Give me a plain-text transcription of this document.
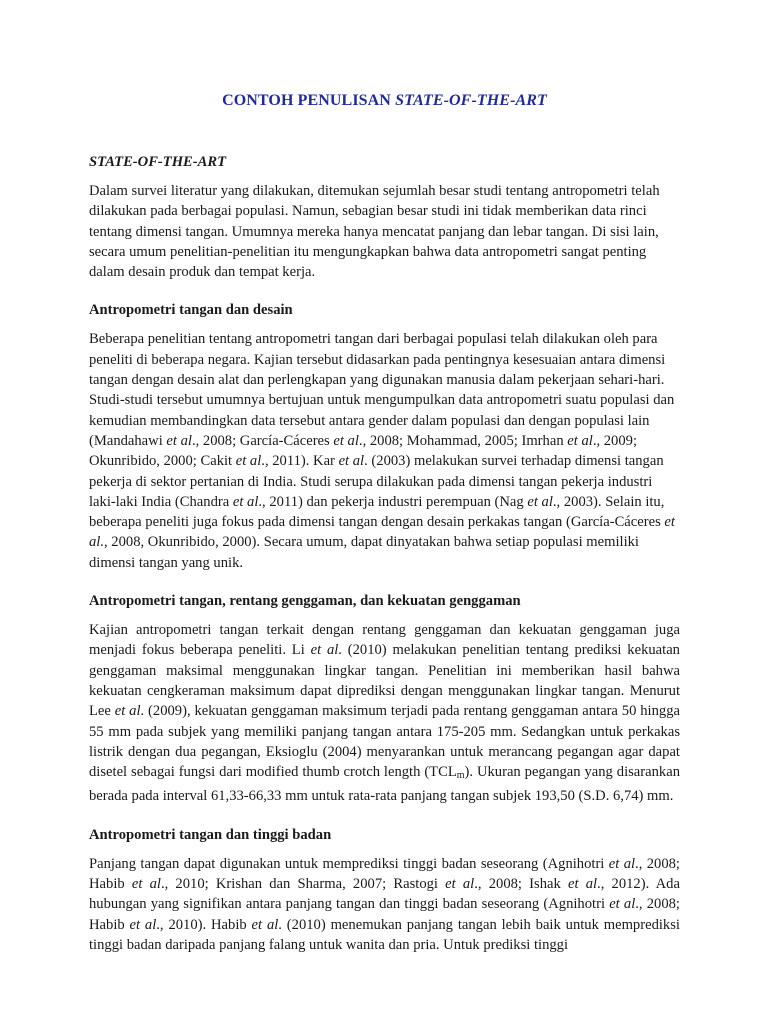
CONTOH PENULISAN STATE-OF-THE-ART
STATE-OF-THE-ART

Dalam survei literatur yang dilakukan, ditemukan sejumlah besar studi tentang antropometri telah dilakukan pada berbagai populasi. Namun, sebagian besar studi ini tidak memberikan data rinci tentang dimensi tangan. Umumnya mereka hanya mencatat panjang dan lebar tangan. Di sisi lain, secara umum penelitian-penelitian itu mengungkapkan bahwa data antropometri sangat penting dalam desain produk dan tempat kerja.

Antropometri tangan dan desain

Beberapa penelitian tentang antropometri tangan dari berbagai populasi telah dilakukan oleh para peneliti di beberapa negara. Kajian tersebut didasarkan pada pentingnya kesesuaian antara dimensi tangan dengan desain alat dan perlengkapan yang digunakan manusia dalam pekerjaan sehari-hari. Studi-studi tersebut umumnya bertujuan untuk mengumpulkan data antropometri suatu populasi dan kemudian membandingkan data tersebut antara gender dalam populasi dan dengan populasi lain (Mandahawi et al., 2008; García-Cáceres et al., 2008; Mohammad, 2005; Imrhan et al., 2009; Okunribido, 2000; Cakit et al., 2011). Kar et al. (2003) melakukan survei terhadap dimensi tangan pekerja di sektor pertanian di India. Studi serupa dilakukan pada dimensi tangan pekerja industri laki-laki India (Chandra et al., 2011) dan pekerja industri perempuan (Nag et al., 2003). Selain itu, beberapa peneliti juga fokus pada dimensi tangan dengan desain perkakas tangan (García-Cáceres et al., 2008, Okunribido, 2000). Secara umum, dapat dinyatakan bahwa setiap populasi memiliki dimensi tangan yang unik.

Antropometri tangan, rentang genggaman, dan kekuatan genggaman

Kajian antropometri tangan terkait dengan rentang genggaman dan kekuatan genggaman juga menjadi fokus beberapa peneliti. Li et al. (2010) melakukan penelitian tentang prediksi kekuatan genggaman maksimal menggunakan lingkar tangan. Penelitian ini memberikan hasil bahwa kekuatan cengkeraman maksimum dapat diprediksi dengan menggunakan lingkar tangan. Menurut Lee et al. (2009), kekuatan genggaman maksimum terjadi pada rentang genggaman antara 50 hingga 55 mm pada subjek yang memiliki panjang tangan antara 175-205 mm. Sedangkan untuk perkakas listrik dengan dua pegangan, Eksioglu (2004) menyarankan untuk merancang pegangan agar dapat disetel sebagai fungsi dari modified thumb crotch length $(TCL_m)$. Ukuran pegangan yang disarankan berada pada interval 61,33-66,33 mm untuk rata-rata panjang tangan subjek 193,50 (S.D. 6,74) mm.

Antropometri tangan dan tinggi badan

Panjang tangan dapat digunakan untuk memprediksi tinggi badan seseorang (Agnihotri et al., 2008; Habib et al., 2010; Krishan dan Sharma, 2007; Rastogi et al., 2008; Ishak et al., 2012). Ada hubungan yang signifikan antara panjang tangan dan tinggi badan seseorang (Agnihotri et al., 2008; Habib et al., 2010). Habib et al. (2010) menemukan panjang tangan lebih baik untuk memprediksi tinggi badan daripada panjang falang untuk wanita dan pria. Untuk prediksi tinggi
